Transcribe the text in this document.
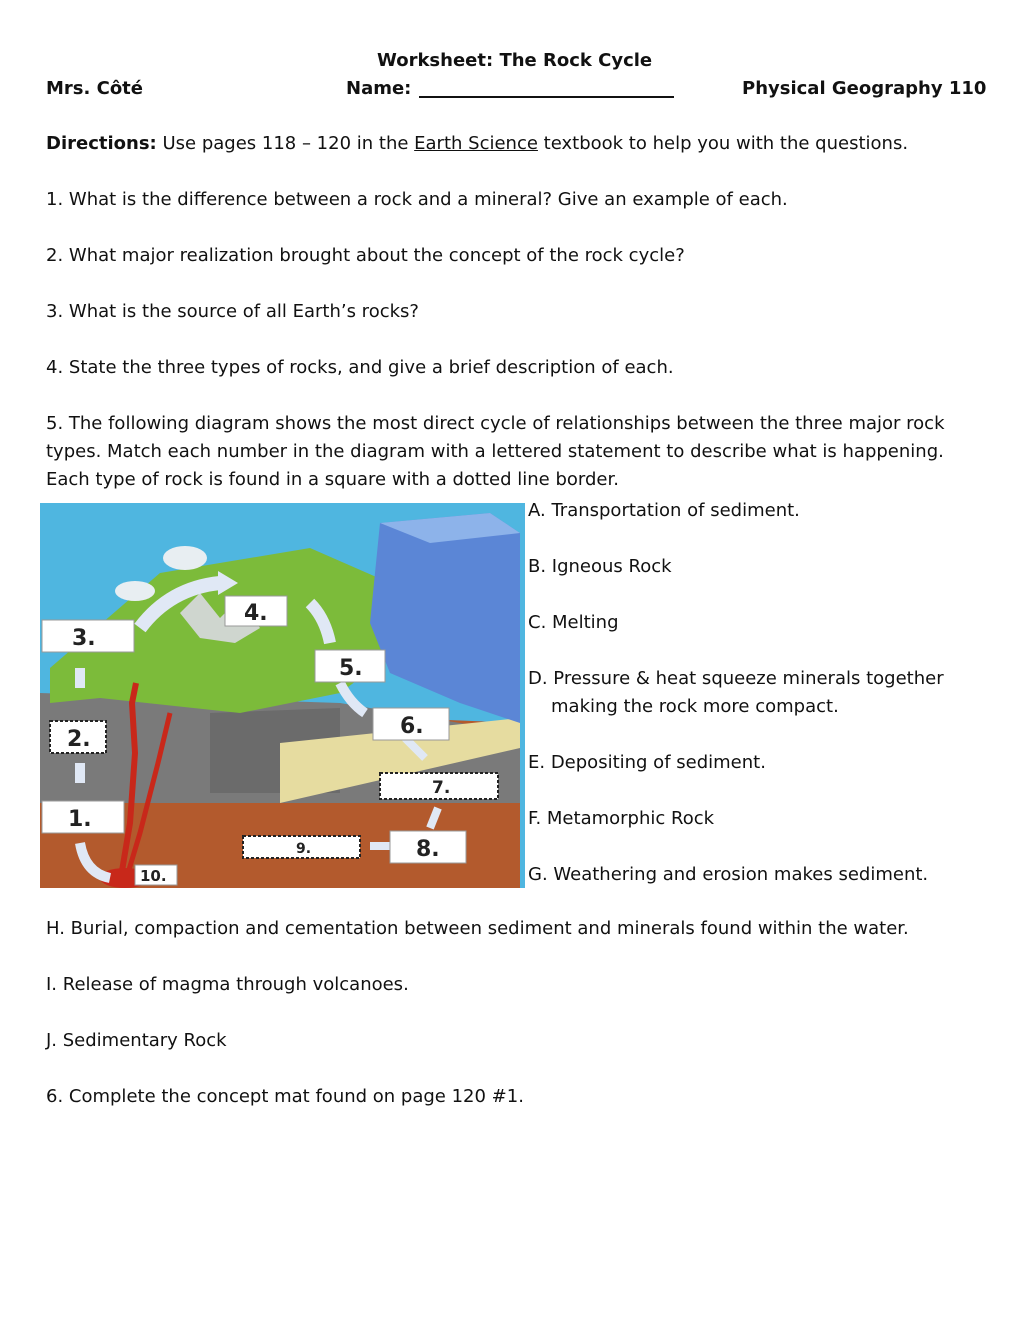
Worksheet: The Rock Cycle
Mrs. Côté	Name:	Physical Geography 110
Directions: Use pages 118 – 120 in the Earth Science textbook to help you with the questions.
1. What is the difference between a rock and a mineral? Give an example of each.
2. What major realization brought about the concept of the rock cycle?
3. What is the source of all Earth’s rocks?
4. State the three types of rocks, and give a brief description of each.
5. The following diagram shows the most direct cycle of relationships between the three major rock types. Match each number in the diagram with a lettered statement to describe what is happening. Each type of rock is found in a square with a dotted line border.
3.
4.
5.
6.
2.
7.
1.
9.	8.
10.
A. Transportation of sediment.
B. Igneous Rock
C. Melting
D. Pressure & heat squeeze minerals together
making the rock more compact.
E. Depositing of sediment.
F. Metamorphic Rock
G. Weathering and erosion makes sediment.
H. Burial, compaction and cementation between sediment and minerals found within the water.
I. Release of magma through volcanoes.
J. Sedimentary Rock
6. Complete the concept mat found on page 120 #1.
